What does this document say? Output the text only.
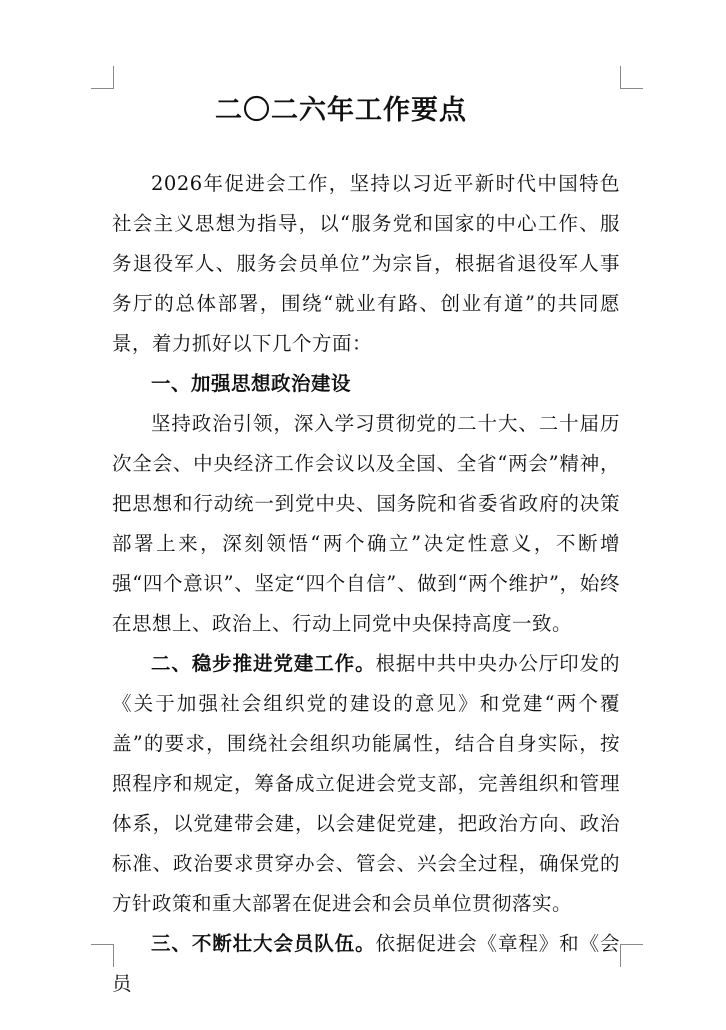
二〇二六年工作要点

2026年促进会工作，坚持以习近平新时代中国特色社会主义思想为指导，以“服务党和国家的中心工作、服务退役军人、服务会员单位”为宗旨，根据省退役军人事务厅的总体部署，围绕“就业有路、创业有道”的共同愿景，着力抓好以下几个方面：

一、加强思想政治建设

坚持政治引领，深入学习贯彻党的二十大、二十届历次全会、中央经济工作会议以及全国、全省“两会”精神，把思想和行动统一到党中央、国务院和省委省政府的决策部署上来，深刻领悟“两个确立”决定性意义，不断增强“四个意识”、坚定“四个自信”、做到“两个维护”，始终在思想上、政治上、行动上同党中央保持高度一致。

二、稳步推进党建工作。根据中共中央办公厅印发的《关于加强社会组织党的建设的意见》和党建“两个覆盖”的要求，围绕社会组织功能属性，结合自身实际，按照程序和规定，筹备成立促进会党支部，完善组织和管理体系，以党建带会建，以会建促党建，把政治方向、政治标准、政治要求贯穿办会、管会、兴会全过程，确保党的方针政策和重大部署在促进会和会员单位贯彻落实。

三、不断壮大会员队伍。依据促进会《章程》和《会员
